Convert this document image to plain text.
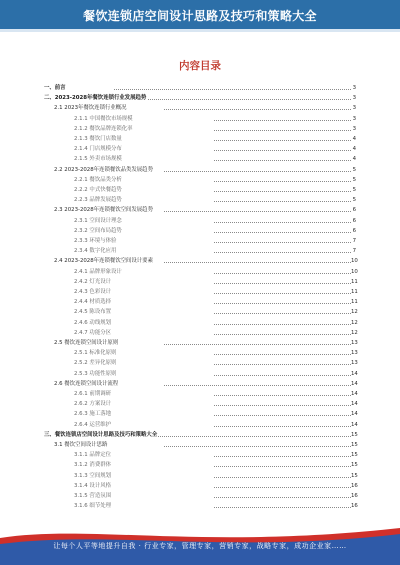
餐饮连锁店空间设计思路及技巧和策略大全
内容目录
一、前言	3
二、2023-2028年餐饮连锁行业发展趋势	3
2.1 2023年餐饮连锁行业概况	3
2.1.1 中国餐饮市场规模	3
2.1.2 餐饮品牌连锁化率	3
2.1.3 餐饮门店数量	4
2.1.4 门店规模分布	4
2.1.5 外卖市场规模	4
2.2 2023-2028年连锁餐饮品类发展趋势	5
2.2.1 餐饮品类分析	5
2.2.2 中式快餐趋势	5
2.2.3 品牌发展趋势	5
2.3 2023-2028年连锁餐饮空间发展趋势	6
2.3.1 空间设计理念	6
2.3.2 空间布局趋势	6
2.3.3 环境与体验	7
2.3.4 数字化应用	7
2.4 2023-2028年连锁餐饮空间设计要素	10
2.4.1 品牌形象设计	10
2.4.2 灯光设计	11
2.4.3 色彩设计	11
2.4.4 材质选择	11
2.4.5 陈设布置	12
2.4.6 动线规划	12
2.4.7 功能分区	12
2.5 餐饮连锁空间设计原则	13
2.5.1 标准化原则	13
2.5.2 差异化原则	13
2.5.3 功能性原则	14
2.6 餐饮连锁空间设计流程	14
2.6.1 前期调研	14
2.6.2 方案设计	14
2.6.3 施工落地	14
2.6.4 运营维护	14
三、餐饮连锁店空间设计思路及技巧和策略大全	15
3.1 餐饮空间设计思路	15
3.1.1 品牌定位	15
3.1.2 消费群体	15
3.1.3 空间规划	15
3.1.4 设计风格	16
3.1.5 营造氛围	16
3.1.6 细节处理	16
让每个人平等地提升自我 · 行业专家，管理专家，营销专家，战略专家，成功企业家……
